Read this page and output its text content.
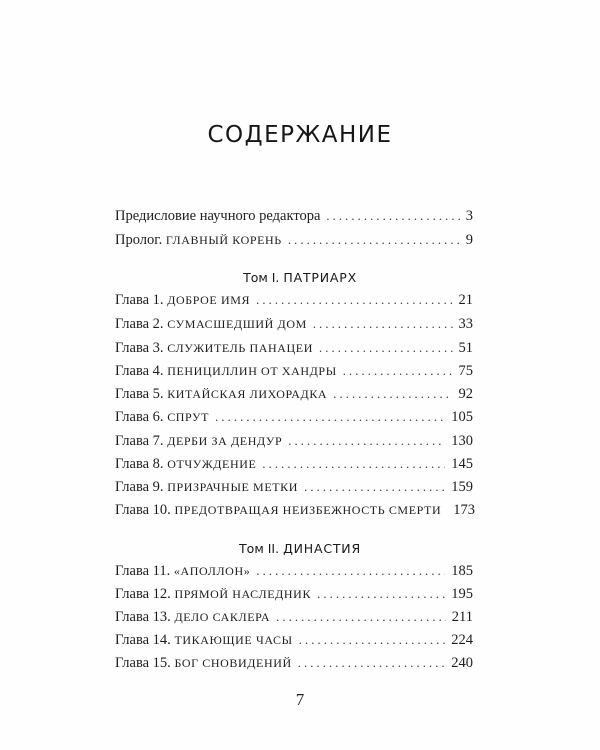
СОДЕРЖАНИЕ
Предисловие научного редактора . . .	3
Пролог. ГЛАВНЫЙ КОРЕНЬ . . .	9
Том I. ПАТРИАРХ
Глава 1. ДОБРОЕ ИМЯ . . .	21
Глава 2. СУМАСШЕДШИЙ ДОМ . . .	33
Глава 3. СЛУЖИТЕЛЬ ПАНАЦЕИ . . .	51
Глава 4. ПЕНИЦИЛЛИН ОТ ХАНДРЫ . . .	75
Глава 5. КИТАЙСКАЯ ЛИХОРАДКА . . .	92
Глава 6. СПРУТ . . .	105
Глава 7. ДЕРБИ ЗА ДЕНДУР . . .	130
Глава 8. ОТЧУЖДЕНИЕ . . .	145
Глава 9. ПРИЗРАЧНЫЕ МЕТКИ . . .	159
Глава 10. ПРЕДОТВРАЩАЯ НЕИЗБЕЖНОСТЬ СМЕРТИ 173
Том II. ДИНАСТИЯ
Глава 11. «АПОЛЛОН» . . .	185
Глава 12. ПРЯМОЙ НАСЛЕДНИК . . .	195
Глава 13. ДЕЛО САКЛЕРА . . .	211
Глава 14. ТИКАЮЩИЕ ЧАСЫ . . .	224
Глава 15. БОГ СНОВИДЕНИЙ . . .	240
7
